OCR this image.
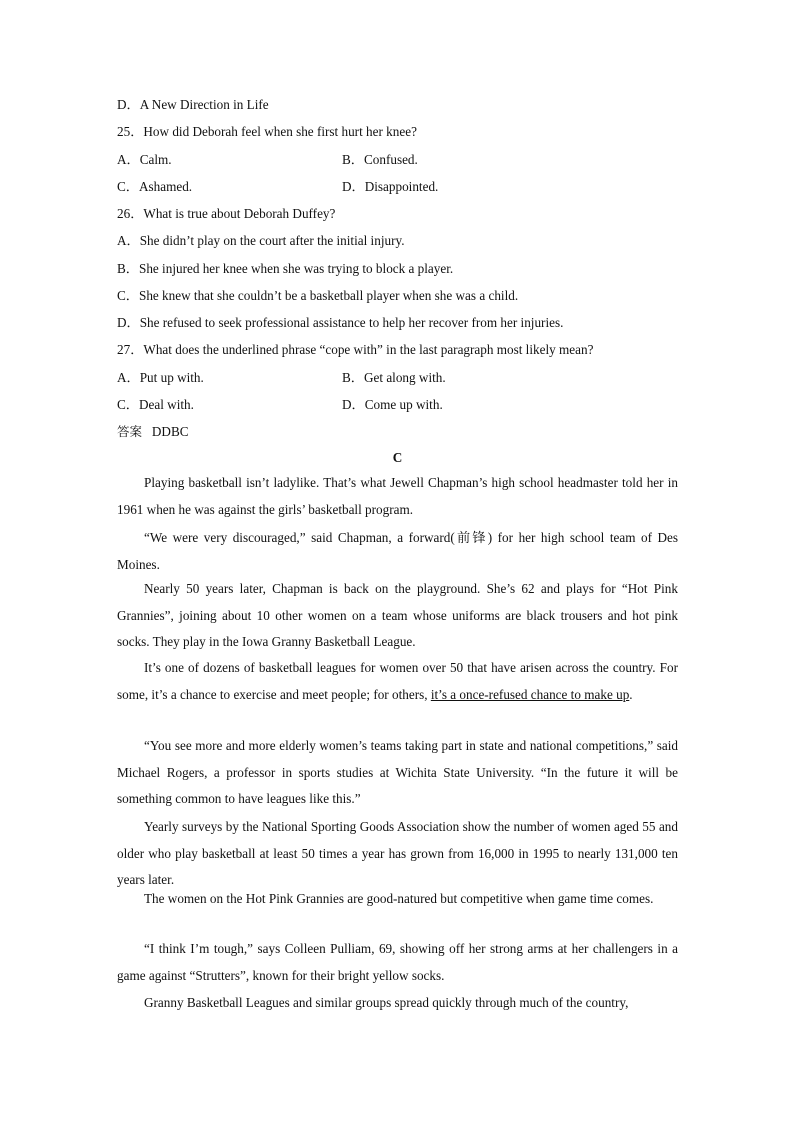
D．A New Direction in Life
25．How did Deborah feel when she first hurt her knee?
A．Calm.	B．Confused.
C．Ashamed.	D．Disappointed.
26．What is true about Deborah Duffey?
A．She didn’t play on the court after the initial injury.
B．She injured her knee when she was trying to block a player.
C．She knew that she couldn’t be a basketball player when she was a child.
D．She refused to seek professional assistance to help her recover from her injuries.
27．What does the underlined phrase “cope with” in the last paragraph most likely mean?
A．Put up with.	B．Get along with.
C．Deal with.	D．Come up with.
答案 DDBC
C

Playing basketball isn’t ladylike. That’s what Jewell Chapman’s high school headmaster told her in 1961 when he was against the girls’ basketball program.

“We were very discouraged,” said Chapman, a forward(前锋) for her high school team of Des Moines.

Nearly 50 years later, Chapman is back on the playground. She’s 62 and plays for “Hot Pink Grannies”, joining about 10 other women on a team whose uniforms are black trousers and hot pink socks. They play in the Iowa Granny Basketball League.

It’s one of dozens of basketball leagues for women over 50 that have arisen across the country. For some, it’s a chance to exercise and meet people; for others, it’s a once-refused chance to make up.

“You see more and more elderly women’s teams taking part in state and national competitions,” said Michael Rogers, a professor in sports studies at Wichita State University. “In the future it will be something common to have leagues like this.”

Yearly surveys by the National Sporting Goods Association show the number of women aged 55 and older who play basketball at least 50 times a year has grown from 16,000 in 1995 to nearly 131,000 ten years later.

The women on the Hot Pink Grannies are good-natured but competitive when game time comes.

“I think I’m tough,” says Colleen Pulliam, 69, showing off her strong arms at her challengers in a game against “Strutters”, known for their bright yellow socks.

Granny Basketball Leagues and similar groups spread quickly through much of the country,
